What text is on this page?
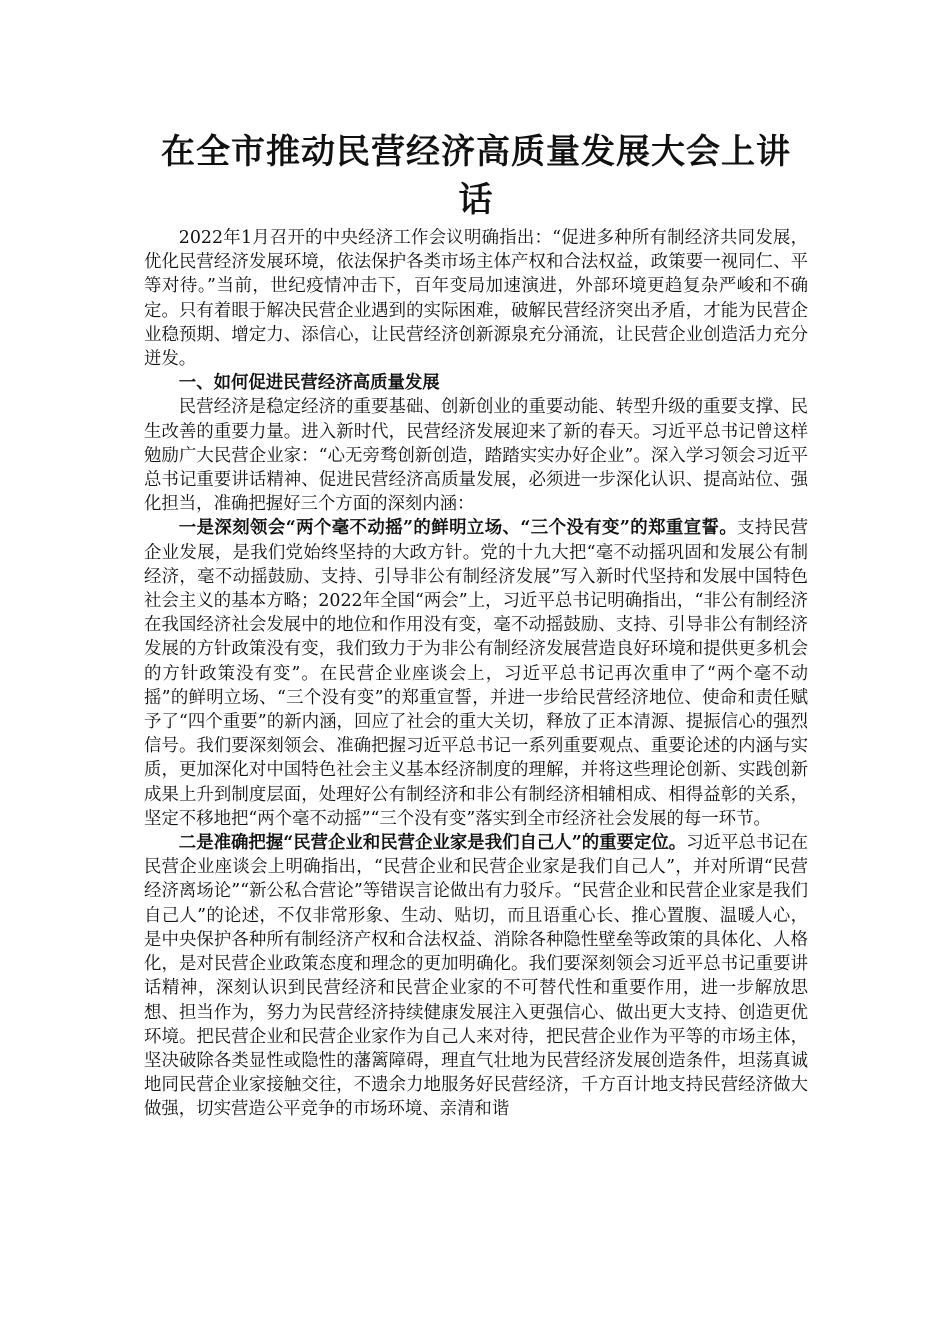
在全市推动民营经济高质量发展大会上讲话

2022年1月召开的中央经济工作会议明确指出：“促进多种所有制经济共同发展，优化民营经济发展环境，依法保护各类市场主体产权和合法权益，政策要一视同仁、平等对待。”当前，世纪疫情冲击下，百年变局加速演进，外部环境更趋复杂严峻和不确定。只有着眼于解决民营企业遇到的实际困难，破解民营经济突出矛盾，才能为民营企业稳预期、增定力、添信心，让民营经济创新源泉充分涌流，让民营企业创造活力充分迸发。

一、如何促进民营经济高质量发展

民营经济是稳定经济的重要基础、创新创业的重要动能、转型升级的重要支撑、民生改善的重要力量。进入新时代，民营经济发展迎来了新的春天。习近平总书记曾这样勉励广大民营企业家：“心无旁骛创新创造，踏踏实实办好企业”。深入学习领会习近平总书记重要讲话精神、促进民营经济高质量发展，必须进一步深化认识、提高站位、强化担当，准确把握好三个方面的深刻内涵：

一是深刻领会“两个毫不动摇”的鲜明立场、“三个没有变”的郑重宣誓。支持民营企业发展，是我们党始终坚持的大政方针。党的十九大把“毫不动摇巩固和发展公有制经济，毫不动摇鼓励、支持、引导非公有制经济发展”写入新时代坚持和发展中国特色社会主义的基本方略；2022年全国“两会”上，习近平总书记明确指出，“非公有制经济在我国经济社会发展中的地位和作用没有变，毫不动摇鼓励、支持、引导非公有制经济发展的方针政策没有变，我们致力于为非公有制经济发展营造良好环境和提供更多机会的方针政策没有变”。在民营企业座谈会上，习近平总书记再次重申了“两个毫不动摇”的鲜明立场、“三个没有变”的郑重宣誓，并进一步给民营经济地位、使命和责任赋予了“四个重要”的新内涵，回应了社会的重大关切，释放了正本清源、提振信心的强烈信号。我们要深刻领会、准确把握习近平总书记一系列重要观点、重要论述的内涵与实质，更加深化对中国特色社会主义基本经济制度的理解，并将这些理论创新、实践创新成果上升到制度层面，处理好公有制经济和非公有制经济相辅相成、相得益彰的关系，坚定不移地把“两个毫不动摇”“三个没有变”落实到全市经济社会发展的每一环节。

二是准确把握“民营企业和民营企业家是我们自己人”的重要定位。习近平总书记在民营企业座谈会上明确指出，“民营企业和民营企业家是我们自己人”，并对所谓“民营经济离场论”“新公私合营论”等错误言论做出有力驳斥。“民营企业和民营企业家是我们自己人”的论述，不仅非常形象、生动、贴切，而且语重心长、推心置腹、温暖人心，是中央保护各种所有制经济产权和合法权益、消除各种隐性壁垒等政策的具体化、人格化，是对民营企业政策态度和理念的更加明确化。我们要深刻领会习近平总书记重要讲话精神，深刻认识到民营经济和民营企业家的不可替代性和重要作用，进一步解放思想、担当作为，努力为民营经济持续健康发展注入更强信心、做出更大支持、创造更优环境。把民营企业和民营企业家作为自己人来对待，把民营企业作为平等的市场主体，坚决破除各类显性或隐性的藩篱障碍，理直气壮地为民营经济发展创造条件，坦荡真诚地同民营企业家接触交往，不遗余力地服务好民营经济，千方百计地支持民营经济做大做强，切实营造公平竞争的市场环境、亲清和谐
